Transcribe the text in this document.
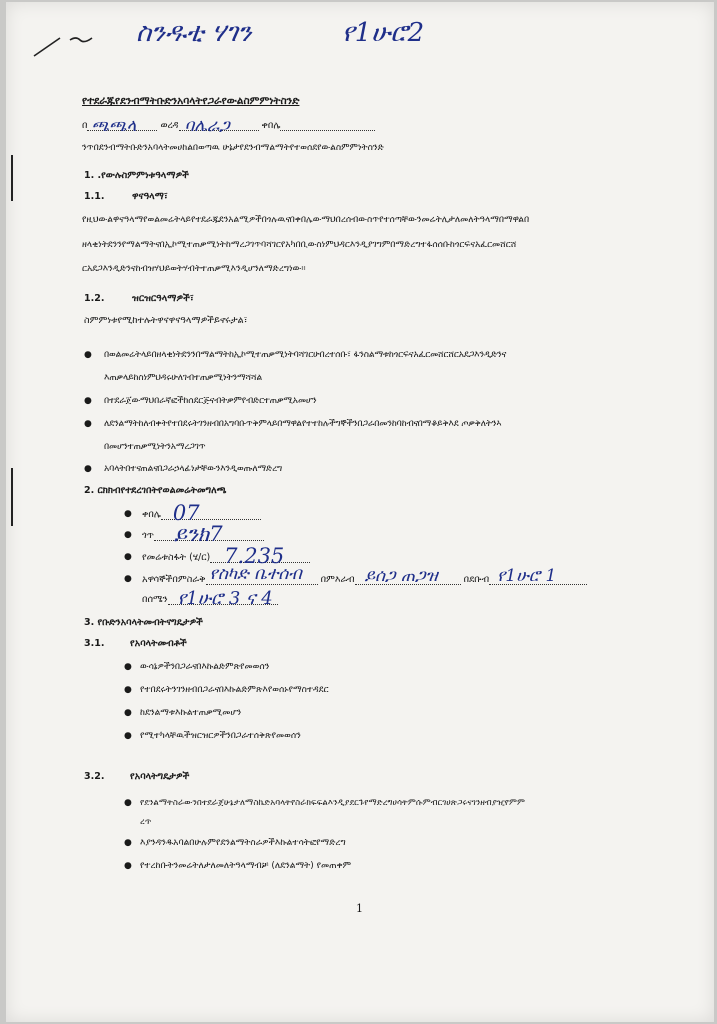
ስንዱቲ ሃገን	የ1ሁሮ2
የተደራጁየደንብማትቡድንአባላትየጋራየውልስምምነትስንድ
በ ጫጫላ	ወረዳ ባሌራጋ	ቀበሌ
ንጥበደንብማትቡድንአባላትመሀከልበወጣዉ ሁኔታየደንብማልማትየተወሰደየውልስምምነትስንድ
1. .የውሉስምምነቱዓላማዎች
1.1.	ዋናዓላማ፣
የዚህውልዋናዓላማየወልመሬትላይየተደራጁደንአልሚዎችበጎሉዉናበቀበሌውማህበረሰብውስጥየተሰጣቸውንመሬትሊታለመለትዓላማበማዋልበ
ዘላቂነትደንንየማልማትናበኢኮሚተጠቃሚነትከማረጋገጥባሻገርየአካበቢውስነምህዳርእንዲያገግምበማድረግተፋሰሰቡከጎርፍናአፈርመሸርሸ
ርአደጋእንዲድንናከብዝሃህይወትሃብትተጠቃሚእንዲሆንለማድረግነው።
1.2.	ዝርዝርዓላማዎች፣
ስምምነቱየሚከተሉትዋናዋናዓላማዎችይኖሩታል፣
● በወልመሬትላይበዘላቂነትደንንበማልማትከኢኮሚተጠቃሚነትባሻገርሁበረተሰቡ፣ ፋንስልማቱከጎርፍናአፈርመሸርሸርአደጋእንዲድንና
እጠቃላይከስነምህዳሩሁለገብተጠቃሚነትንማሻሻል
● በተደራጀውማህበራኛፎችከሰደርጅናብትቃምየብድርተጠቃሚአመሆን
● ለደንልማትከለብቀትየተበደሩትገንዘብበአግባቡጥቅምላይበማዋልየተተከሉችግኞችንበጋራበመንከባከብናበማቆይቅእደ ጦቃቅለትንኣ
በመሆንተጠቃሚነትንአማረጋገጥ
● አባላትበተናጠልናበጋራኃላፊነታቸውንእንዲወጡለማድረግ
2. ርክክብየተደረገበትየወልመሬትመግለጫ
● ቀበሌ 07
● ጎጥ ይንክ7
● የመሬቱስፋት (ሄ/ር) 7.235
● አዋሳኞችበምስራቅ የስካድ ቤተሰብ በምእራብ ይሰጋ ጠጋዝ	በደቡብ የ1ሁሮ 1
በሰሜን የ1ሁሮ 3 ና 4
3. የቡድንአባላትመብትናግዴታዎች
3.1.	የአባላትመብቶች
● ውሳኔዎችንበጋራናበእኩልድምጽየመወሰን
● የተበደሩትንገንዘብበጋራናበእኩልድምጽእየወሰኑየማስተዳደር
● ከደንልማቱእኩልተጠቃሚመሆን
● የሚተካላቸዉችዝርዝርዎችንበጋራተሰቅጽየመወሰን
3.2.	የአባላትግዴታዎች
● የደንልማትስራውንበተደራጀሁኔታለማስኬድአባላትየስራክፍፍልእንዲያደርጉየማድረግሀሳትምሱምብርገሀጽጋሩናገንዘብያዢየምም
ረጥ
● እያንዳንዱአባልበሁሉምየደንልማትስራዎችእኩልተሳትፎየማድረግ
● የተረከቡትንመሬትለታለመለትዓላማብቻ (ለደንልማት) የመጠቀም
1
